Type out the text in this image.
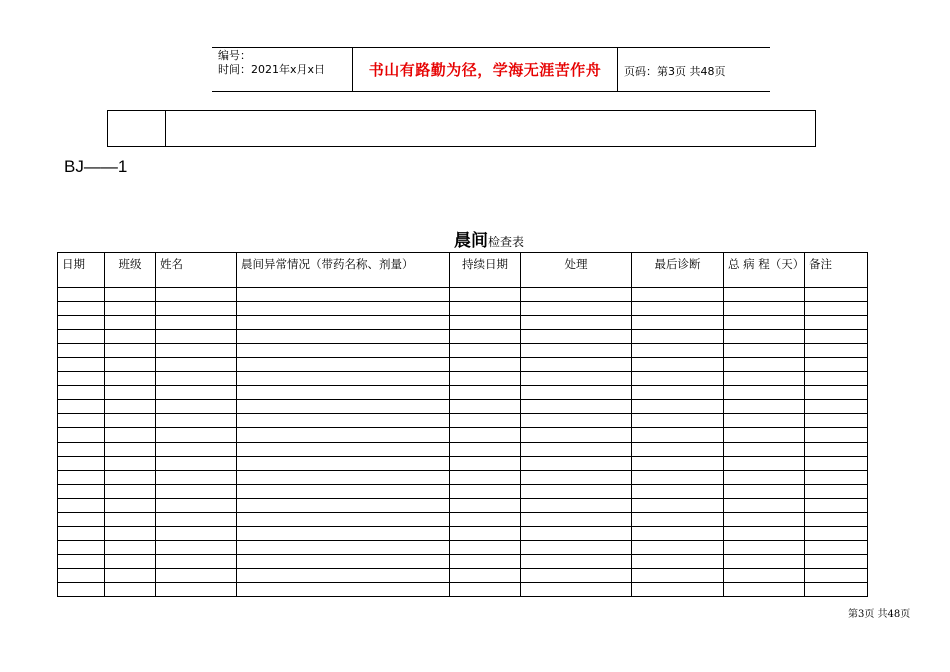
编号：
时间：2021年x月x日	书山有路勤为径，学海无涯苦作舟	页码：第3页 共48页
BJ——1
晨间检查表
日期	班级	姓名	晨间异常情况（带药名称、剂量）	持续日期	处理	最后诊断	总 病 程（天）	备注

第3页 共48页
